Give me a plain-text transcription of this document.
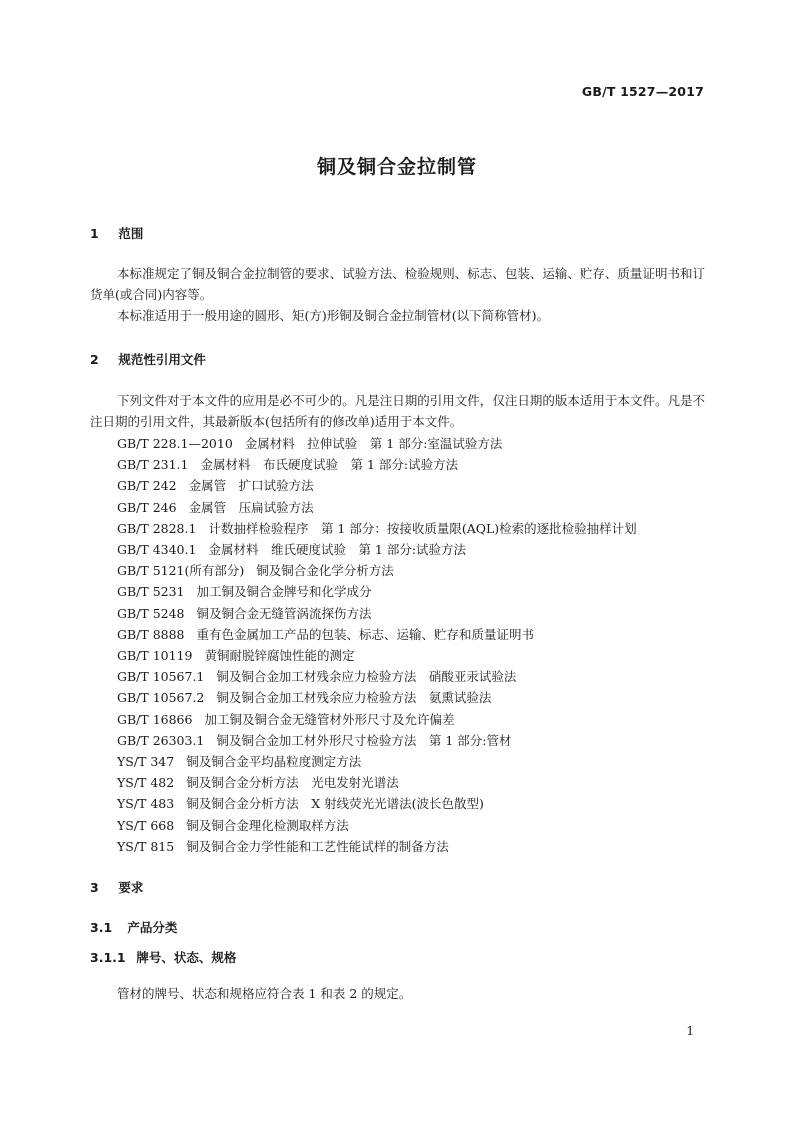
GB/T 1527—2017
铜及铜合金拉制管
1 范围
本标准规定了铜及铜合金拉制管的要求、试验方法、检验规则、标志、包装、运输、贮存、质量证明书和订货单(或合同)内容等。
本标准适用于一般用途的圆形、矩(方)形铜及铜合金拉制管材(以下简称管材)。
2 规范性引用文件
下列文件对于本文件的应用是必不可少的。凡是注日期的引用文件，仅注日期的版本适用于本文件。凡是不注日期的引用文件，其最新版本(包括所有的修改单)适用于本文件。
GB/T 228.1—2010 金属材料　拉伸试验　第 1 部分:室温试验方法
GB/T 231.1 金属材料　布氏硬度试验　第 1 部分:试验方法
GB/T 242 金属管　扩口试验方法
GB/T 246 金属管　压扁试验方法
GB/T 2828.1 计数抽样检验程序　第 1 部分：按接收质量限(AQL)检索的逐批检验抽样计划
GB/T 4340.1 金属材料　维氏硬度试验　第 1 部分:试验方法
GB/T 5121(所有部分) 铜及铜合金化学分析方法
GB/T 5231 加工铜及铜合金牌号和化学成分
GB/T 5248 铜及铜合金无缝管涡流探伤方法
GB/T 8888 重有色金属加工产品的包装、标志、运输、贮存和质量证明书
GB/T 10119 黄铜耐脱锌腐蚀性能的测定
GB/T 10567.1 铜及铜合金加工材残余应力检验方法　硝酸亚汞试验法
GB/T 10567.2 铜及铜合金加工材残余应力检验方法　氨熏试验法
GB/T 16866 加工铜及铜合金无缝管材外形尺寸及允许偏差
GB/T 26303.1 铜及铜合金加工材外形尺寸检验方法　第 1 部分:管材
YS/T 347 铜及铜合金平均晶粒度测定方法
YS/T 482 铜及铜合金分析方法　光电发射光谱法
YS/T 483 铜及铜合金分析方法　X 射线荧光光谱法(波长色散型)
YS/T 668 铜及铜合金理化检测取样方法
YS/T 815 铜及铜合金力学性能和工艺性能试样的制备方法
3 要求
3.1 产品分类
3.1.1 牌号、状态、规格
管材的牌号、状态和规格应符合表 1 和表 2 的规定。
1
